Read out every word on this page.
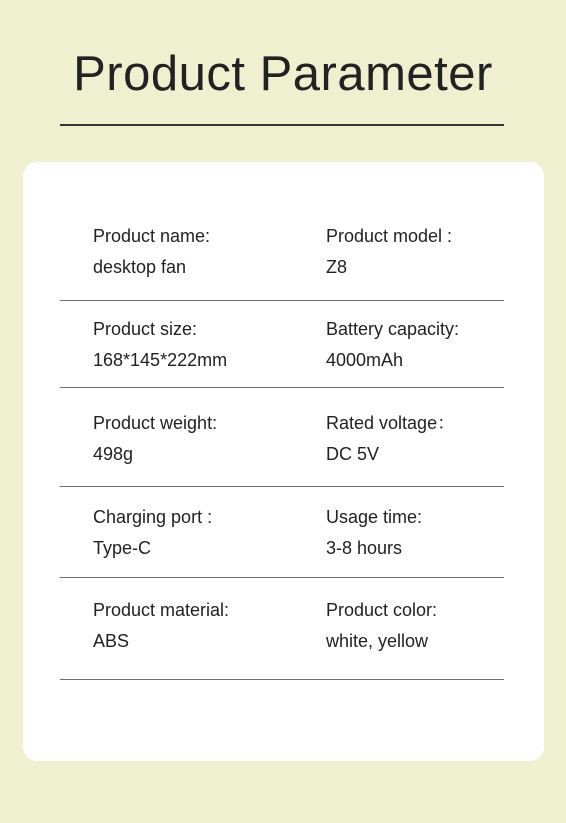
Product Parameter
Product name:
desktop fan
Product model :
Z8
Product size:
168*145*222mm
Battery capacity:
4000mAh
Product weight:
498g
Rated voltage：
DC 5V
Charging port :
Type-C
Usage time:
3-8 hours
Product material:
ABS
Product color:
white, yellow
